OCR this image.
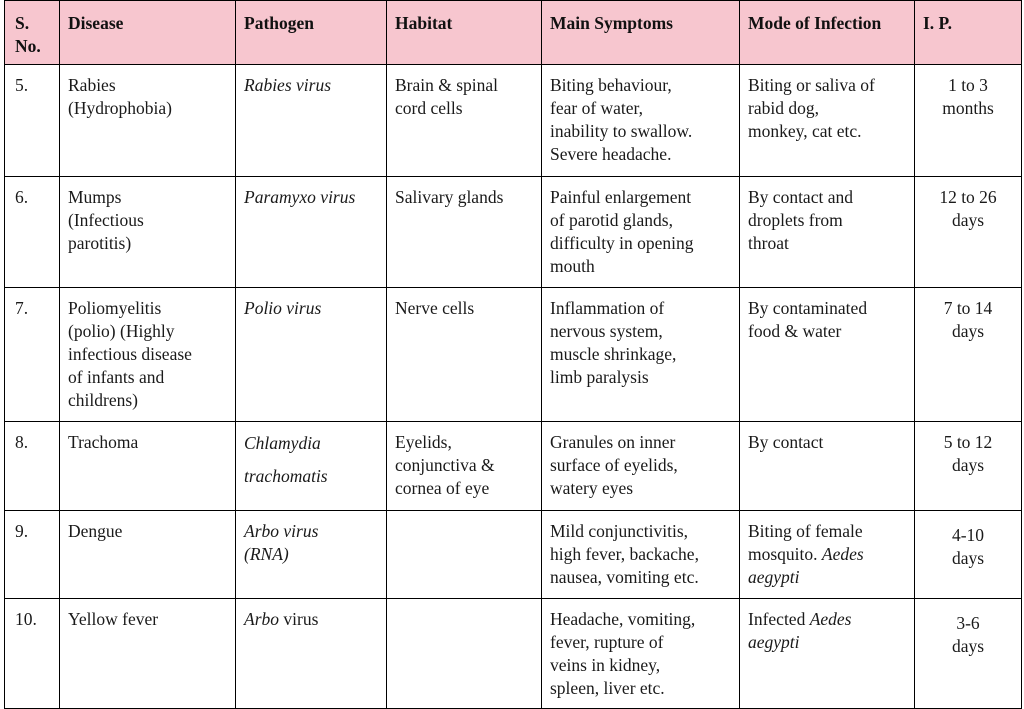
S. No.	Disease	Pathogen	Habitat	Main Symptoms	Mode of Infection	I. P.
5.	Rabies
(Hydrophobia)	Rabies virus	Brain & spinal
cord cells	Biting behaviour,
fear of water,
inability to swallow.
Severe headache.	Biting or saliva of
rabid dog,
monkey, cat etc.	1 to 3
months

6.	Mumps
(Infectious
parotitis)	Paramyxo virus	Salivary glands	Painful enlargement
of parotid glands,
difficulty in opening
mouth	By contact and
droplets from
throat	12 to 26
days

7.	Poliomyelitis
(polio) (Highly
infectious disease
of infants and
childrens)	Polio virus	Nerve cells	Inflammation of
nervous system,
muscle shrinkage,
limb paralysis	By contaminated
food & water	7 to 14
days

8.	Trachoma	Chlamydia
trachomatis	Eyelids,
conjunctiva &
cornea of eye	Granules on inner
surface of eyelids,
watery eyes	By contact	5 to 12
days

9.	Dengue	Arbo virus
(RNA)		Mild conjunctivitis,
high fever, backache,
nausea, vomiting etc.	Biting of female
mosquito. Aedes
aegypti	4-10
days

10.	Yellow fever	Arbo virus		Headache, vomiting,
fever, rupture of
veins in kidney,
spleen, liver etc.	Infected Aedes
aegypti	3-6
days
